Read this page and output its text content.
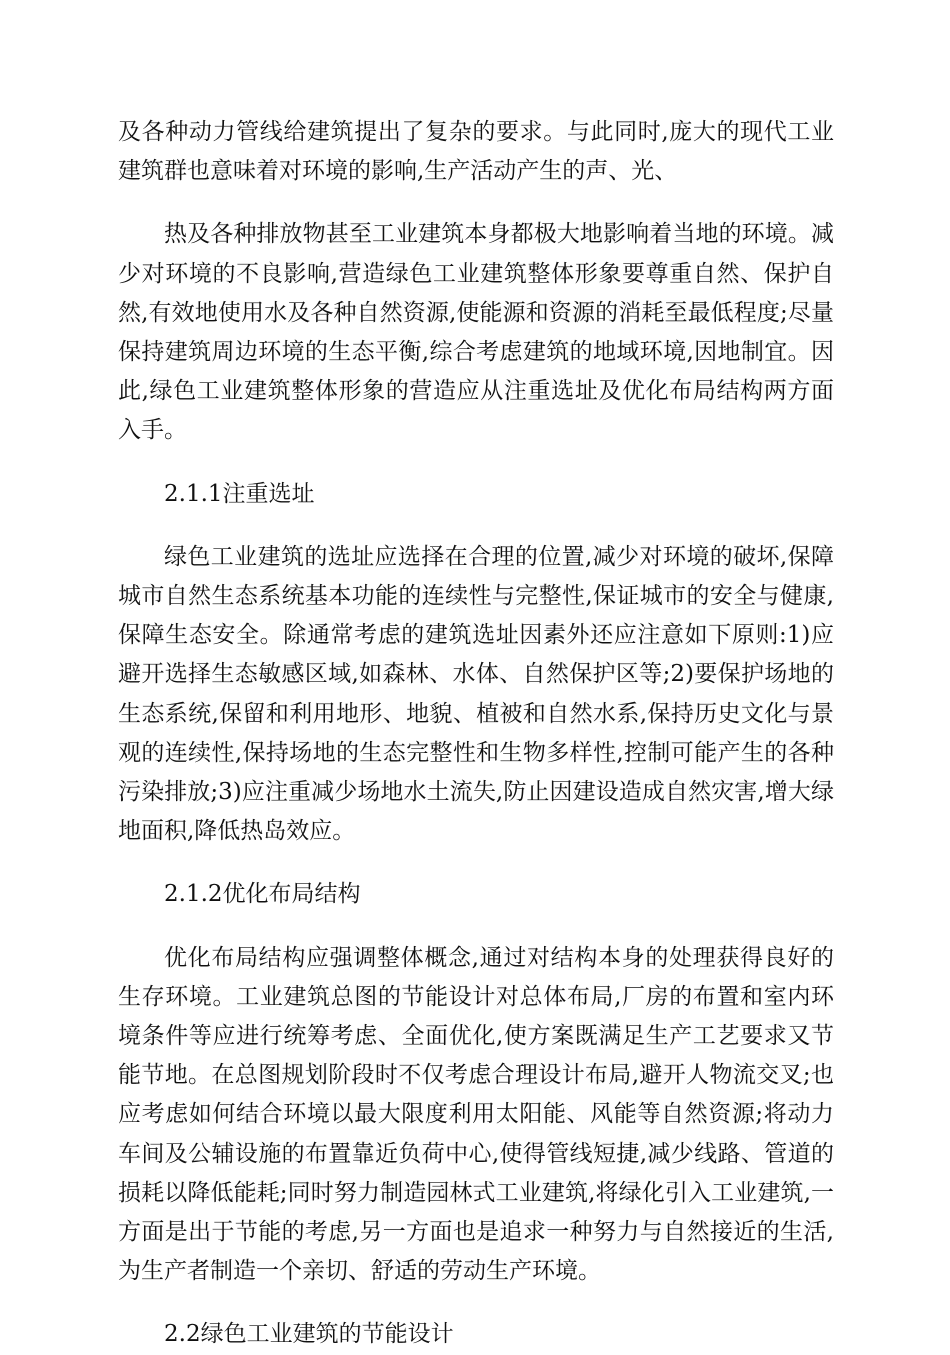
及各种动力管线给建筑提出了复杂的要求。与此同时,庞大的现代工业建筑群也意味着对环境的影响,生产活动产生的声、光、

热及各种排放物甚至工业建筑本身都极大地影响着当地的环境。减少对环境的不良影响,营造绿色工业建筑整体形象要尊重自然、保护自然,有效地使用水及各种自然资源,使能源和资源的消耗至最低程度;尽量保持建筑周边环境的生态平衡,综合考虑建筑的地域环境,因地制宜。因此,绿色工业建筑整体形象的营造应从注重选址及优化布局结构两方面入手。

2.1.1注重选址

绿色工业建筑的选址应选择在合理的位置,减少对环境的破坏,保障城市自然生态系统基本功能的连续性与完整性,保证城市的安全与健康,保障生态安全。除通常考虑的建筑选址因素外还应注意如下原则:1)应避开选择生态敏感区域,如森林、水体、自然保护区等;2)要保护场地的生态系统,保留和利用地形、地貌、植被和自然水系,保持历史文化与景观的连续性,保持场地的生态完整性和生物多样性,控制可能产生的各种污染排放;3)应注重减少场地水土流失,防止因建设造成自然灾害,增大绿地面积,降低热岛效应。

2.1.2优化布局结构

优化布局结构应强调整体概念,通过对结构本身的处理获得良好的生存环境。工业建筑总图的节能设计对总体布局,厂房的布置和室内环境条件等应进行统筹考虑、全面优化,使方案既满足生产工艺要求又节能节地。在总图规划阶段时不仅考虑合理设计布局,避开人物流交叉;也应考虑如何结合环境以最大限度利用太阳能、风能等自然资源;将动力车间及公辅设施的布置靠近负荷中心,使得管线短捷,减少线路、管道的损耗以降低能耗;同时努力制造园林式工业建筑,将绿化引入工业建筑,一方面是出于节能的考虑,另一方面也是追求一种努力与自然接近的生活,为生产者制造一个亲切、舒适的劳动生产环境。

2.2绿色工业建筑的节能设计
